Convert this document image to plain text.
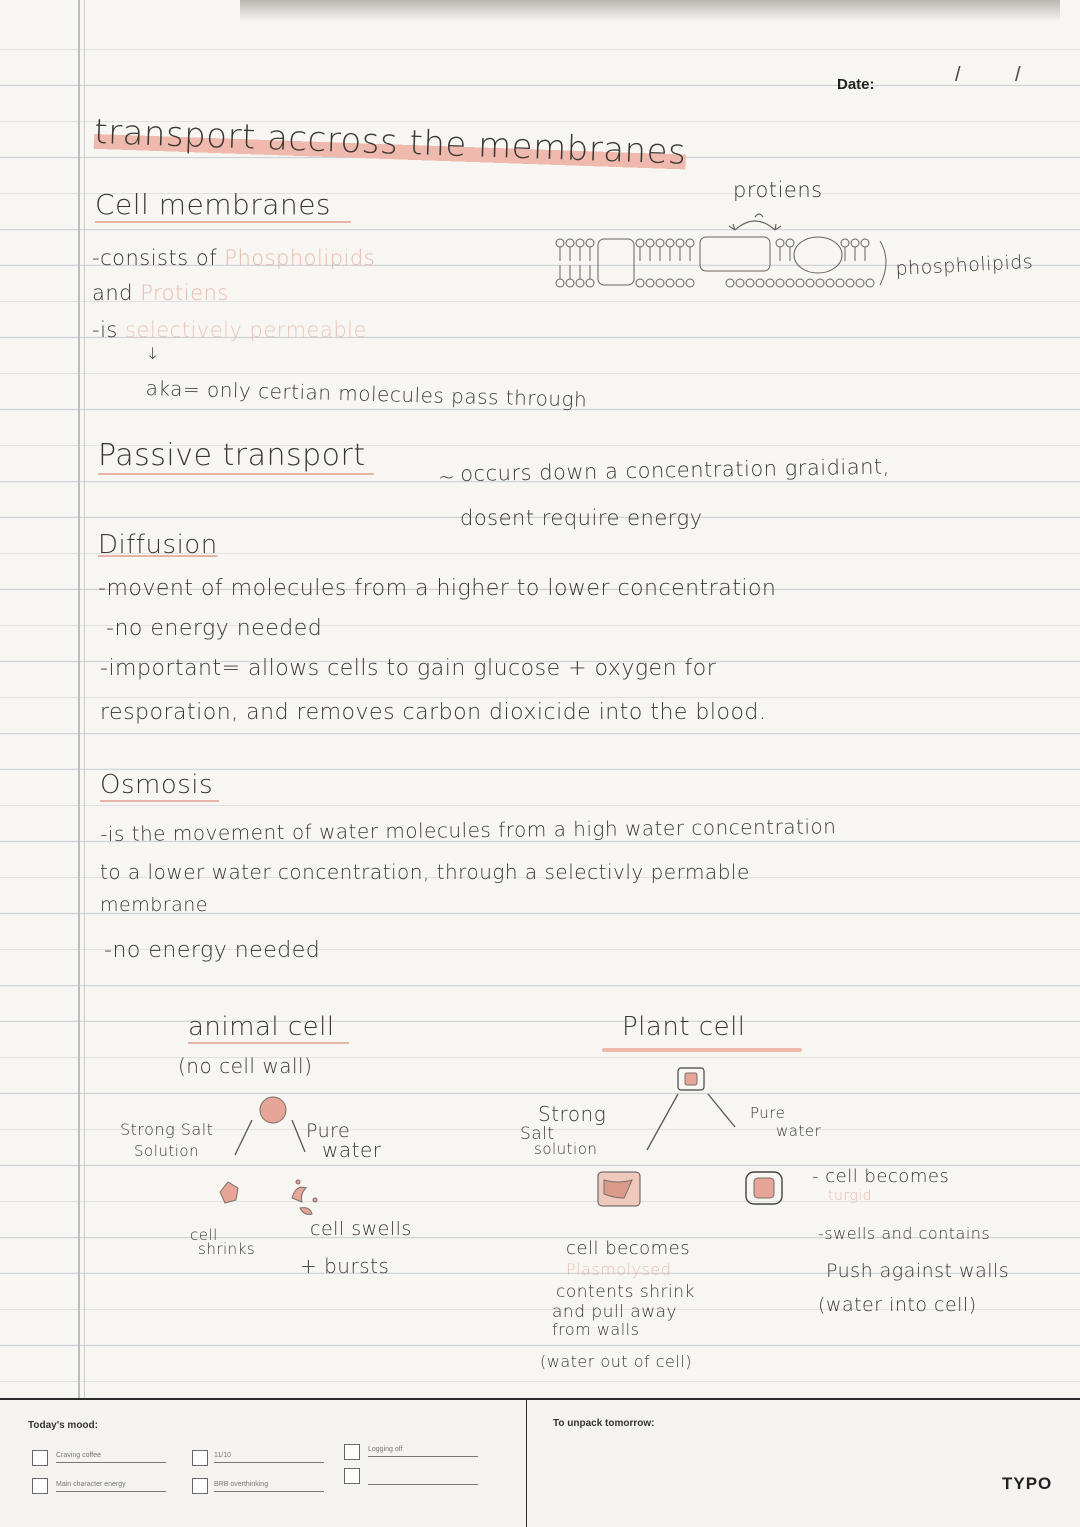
Date:	/	/
transport accross the membranes
Cell membranes
-consists of Phospholipids
and Protiens
-is selectively permeable
↓
aka= only certian molecules pass through
protiens
phospholipids
Passive transport
~ occurs down a concentration graidiant,
dosent require energy
Diffusion
-movent of molecules from a higher to lower concentration
-no energy needed
-important= allows cells to gain glucose + oxygen for
resporation, and removes carbon dioxicide into the blood.
Osmosis
-is the movement of water molecules from a high water concentration
to a lower water concentration, through a selectivly permable
membrane
-no energy needed
animal cell
(no cell wall)
Strong Salt
Solution
Pure
water
cell
shrinks
cell swells
+ bursts
Plant cell
Strong
Salt
solution
Pure
water
cell becomes
Plasmolysed
contents shrink
and pull away
from walls
(water out of cell)
- cell becomes
turgid
-swells and contains
Push against walls
(water into cell)
Today's mood:
Craving coffee
Main character energy
11/10
BRB overthinking
Logging off
To unpack tomorrow:
TYPO
